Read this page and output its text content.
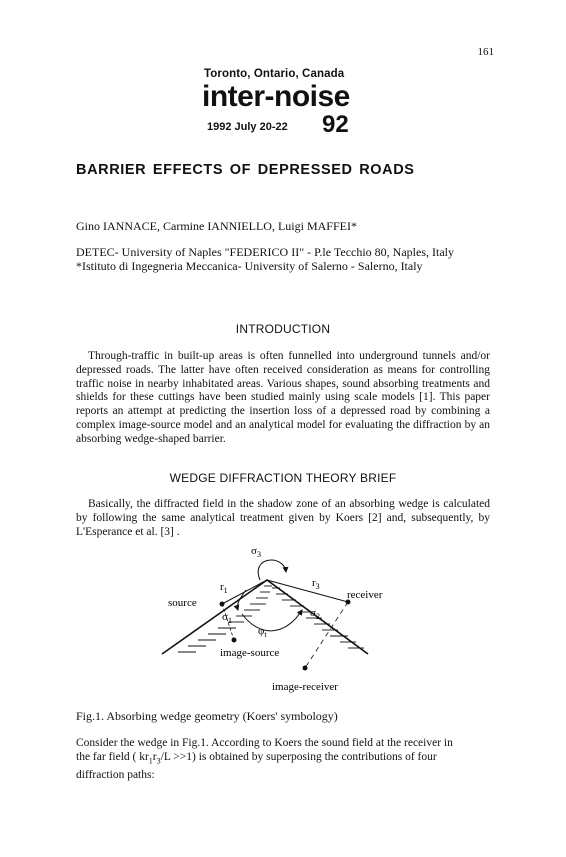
161
Toronto, Ontario, Canada
inter-noise
1992 July 20-22 92
BARRIER EFFECTS OF DEPRESSED ROADS
Gino IANNACE, Carmine IANNIELLO, Luigi MAFFEI*
DETEC- University of Naples "FEDERICO II" - P.le Tecchio 80, Naples, Italy
*Istituto di Ingegneria Meccanica- University of Salerno - Salerno, Italy
INTRODUCTION
Through-traffic in built-up areas is often funnelled into underground tunnels and/or depressed roads. The latter have often received consideration as means for controlling traffic noise in nearby inhabitated areas. Various shapes, sound absorbing treatments and shields for these cuttings have been studied mainly using scale models [1]. This paper reports an attempt at predicting the insertion loss of a depressed road by combining a complex image-source model and an analytical model for evaluating the diffraction by an absorbing wedge-shaped barrier.
WEDGE DIFFRACTION THEORY BRIEF
Basically, the diffracted field in the shadow zone of an absorbing wedge is calculated by following the same analytical treatment given by Koers [2] and, subsequently, by L'Esperance et al. [3] .
$\sigma_3$
$r_1$
$r_3$
source
receiver
$\sigma_1$
$\sigma_2$
$\varphi_t$
image-source
image-receiver
Fig.1. Absorbing wedge geometry (Koers' symbology)
Consider the wedge in Fig.1. According to Koers the sound field at the receiver in
the far field ( $kr_1r_3/L >>1$) is obtained by superposing the contributions of four
diffraction paths:
